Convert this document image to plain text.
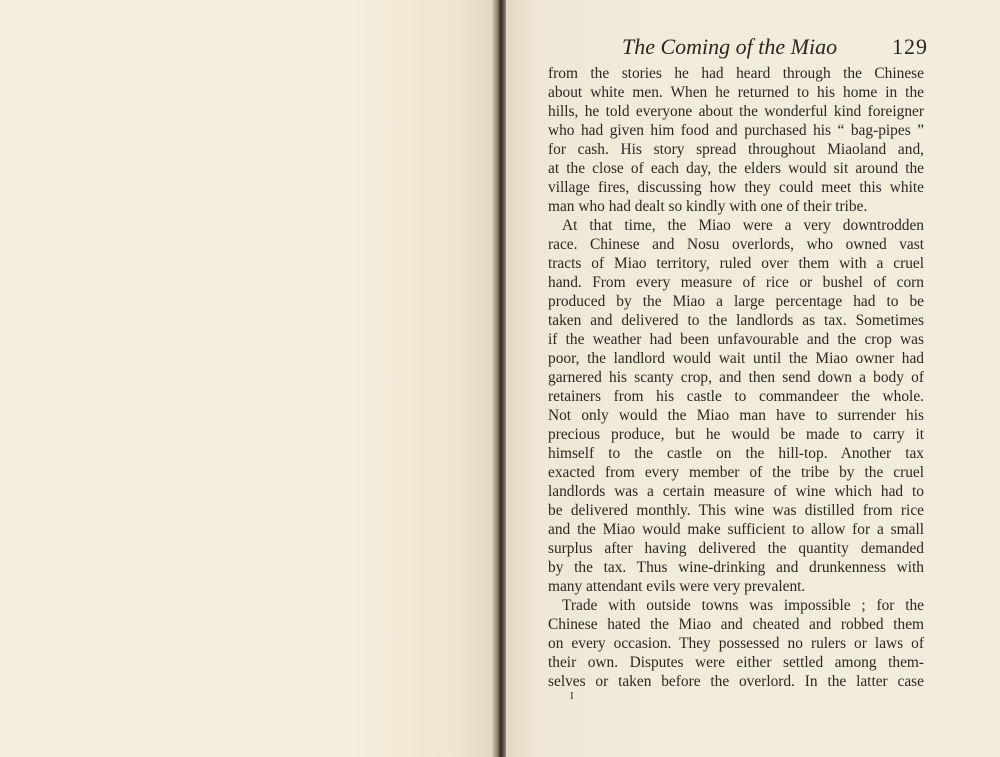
The Coming of the Miao 129
from the stories he had heard through the Chinese
about white men. When he returned to his home in the
hills, he told everyone about the wonderful kind foreigner
who had given him food and purchased his “ bag-pipes ”
for cash. His story spread throughout Miaoland and,
at the close of each day, the elders would sit around the
village fires, discussing how they could meet this white
man who had dealt so kindly with one of their tribe.
At that time, the Miao were a very downtrodden
race. Chinese and Nosu overlords, who owned vast
tracts of Miao territory, ruled over them with a cruel
hand. From every measure of rice or bushel of corn
produced by the Miao a large percentage had to be
taken and delivered to the landlords as tax. Sometimes
if the weather had been unfavourable and the crop was
poor, the landlord would wait until the Miao owner had
garnered his scanty crop, and then send down a body of
retainers from his castle to commandeer the whole.
Not only would the Miao man have to surrender his
precious produce, but he would be made to carry it
himself to the castle on the hill-top. Another tax
exacted from every member of the tribe by the cruel
landlords was a certain measure of wine which had to
be delivered monthly. This wine was distilled from rice
and the Miao would make sufficient to allow for a small
surplus after having delivered the quantity demanded
by the tax. Thus wine-drinking and drunkenness with
many attendant evils were very prevalent.
Trade with outside towns was impossible ; for the
Chinese hated the Miao and cheated and robbed them
on every occasion. They possessed no rulers or laws of
their own. Disputes were either settled among them-
selves or taken before the overlord. In the latter case
I
